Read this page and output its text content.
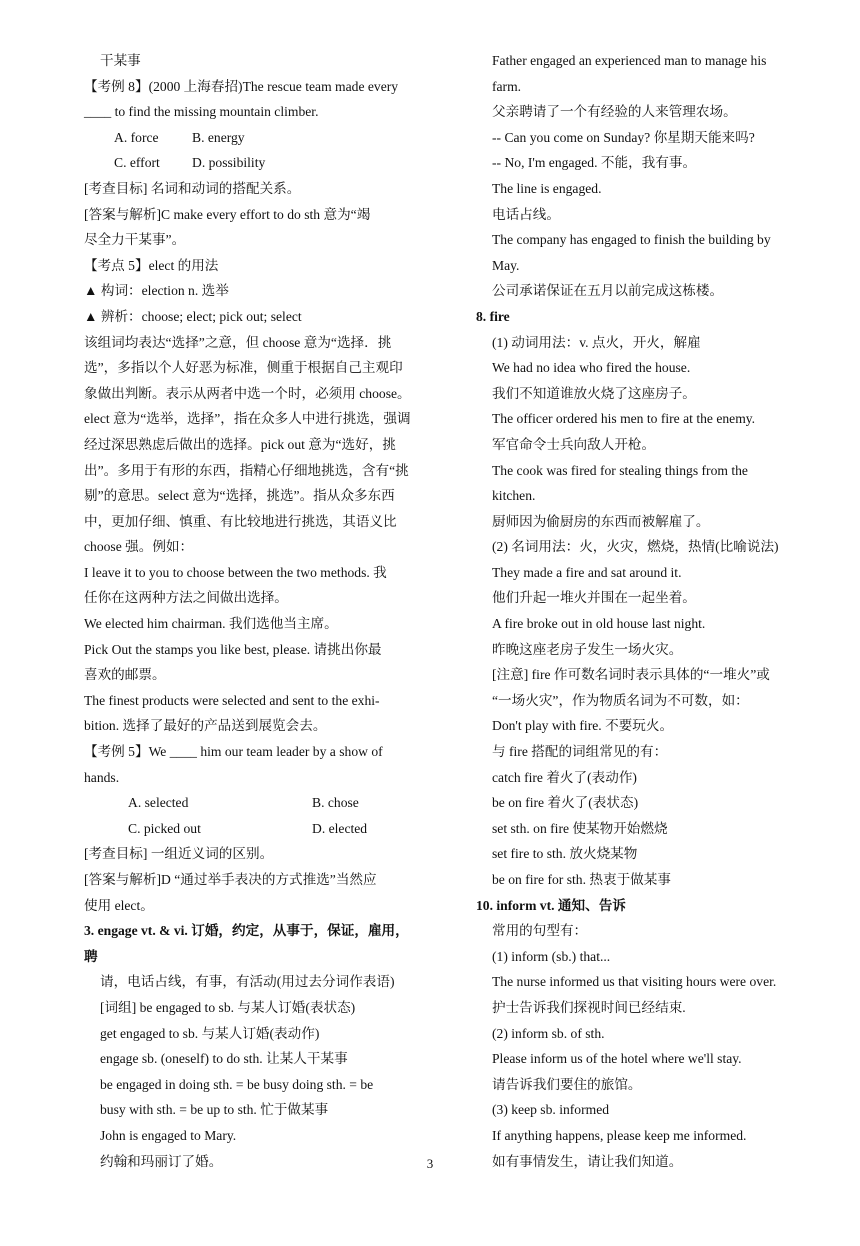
干某事
【考例 8】(2000 上海春招)The rescue team made every
____ to find the missing mountain climber.
A. force	B. energy
C. effort	D. possibility
[考查目标] 名词和动词的搭配关系。
[答案与解析]C make every effort to do sth 意为“竭
尽全力干某事”。
【考点 5】elect 的用法
▲ 构词：election n. 选举
▲ 辨析：choose; elect; pick out; select
该组词均表达“选择”之意，但 choose 意为“选择．挑
选”，多指以个人好恶为标准，侧重于根据自己主观印
象做出判断。表示从两者中选一个时，必须用 choose。
elect 意为“选举，选择”，指在众多人中进行挑选，强调
经过深思熟虑后做出的选择。pick out 意为“选好，挑
出”。多用于有形的东西，指精心仔细地挑选，含有“挑
剔”的意思。select 意为“选择，挑选”。指从众多东西
中，更加仔细、慎重、有比较地进行挑选，其语义比
choose 强。例如：
I leave it to you to choose between the two methods. 我
任你在这两种方法之间做出选择。
We elected him chairman. 我们选他当主席。
Pick Out the stamps you like best, please. 请挑出你最
喜欢的邮票。
The finest products were selected and sent to the exhi-
bition. 选择了最好的产品送到展览会去。
【考例 5】We ____ him our team leader by a show of
hands.
A. selected	B. chose
C. picked out	D. elected
[考查目标] 一组近义词的区别。
[答案与解析]D “通过举手表决的方式推选”当然应
使用 elect。
3. engage vt. & vi. 订婚，约定，从事于，保证，雇用，
聘
请，电话占线，有事，有活动(用过去分词作表语)
[词组] be engaged to sb. 与某人订婚(表状态)
get engaged to sb. 与某人订婚(表动作)
engage sb. (oneself) to do sth. 让某人干某事
be engaged in doing sth. = be busy doing sth. = be
busy with sth. = be up to sth. 忙于做某事
John is engaged to Mary.
约翰和玛丽订了婚。
Father engaged an experienced man to manage his
farm.
父亲聘请了一个有经验的人来管理农场。
-- Can you come on Sunday? 你星期天能来吗?
-- No, I'm engaged. 不能，我有事。
The line is engaged.
电话占线。
The company has engaged to finish the building by
May.
公司承诺保证在五月以前完成这栋楼。
8. fire
(1) 动词用法：v. 点火，开火，解雇
We had no idea who fired the house.
我们不知道谁放火烧了这座房子。
The officer ordered his men to fire at the enemy.
军官命令士兵向敌人开枪。
The cook was fired for stealing things from the
kitchen.
厨师因为偷厨房的东西而被解雇了。
(2) 名词用法：火，火灾，燃烧，热情(比喻说法)
They made a fire and sat around it.
他们升起一堆火并围在一起坐着。
A fire broke out in old house last night.
昨晚这座老房子发生一场火灾。
[注意] fire 作可数名词时表示具体的“一堆火”或
“一场火灾”，作为物质名词为不可数，如：
Don't play with fire. 不要玩火。
与 fire 搭配的词组常见的有：
catch fire 着火了(表动作)
be on fire 着火了(表状态)
set sth. on fire 使某物开始燃烧
set fire to sth. 放火烧某物
be on fire for sth. 热衷于做某事
10. inform vt. 通知、告诉
常用的句型有：
(1) inform (sb.) that...
The nurse informed us that visiting hours were over.
护士告诉我们探视时间已经结束.
(2) inform sb. of sth.
Please inform us of the hotel where we'll stay.
请告诉我们要住的旅馆。
(3) keep sb. informed
If anything happens, please keep me informed.
如有事情发生，请让我们知道。
3
